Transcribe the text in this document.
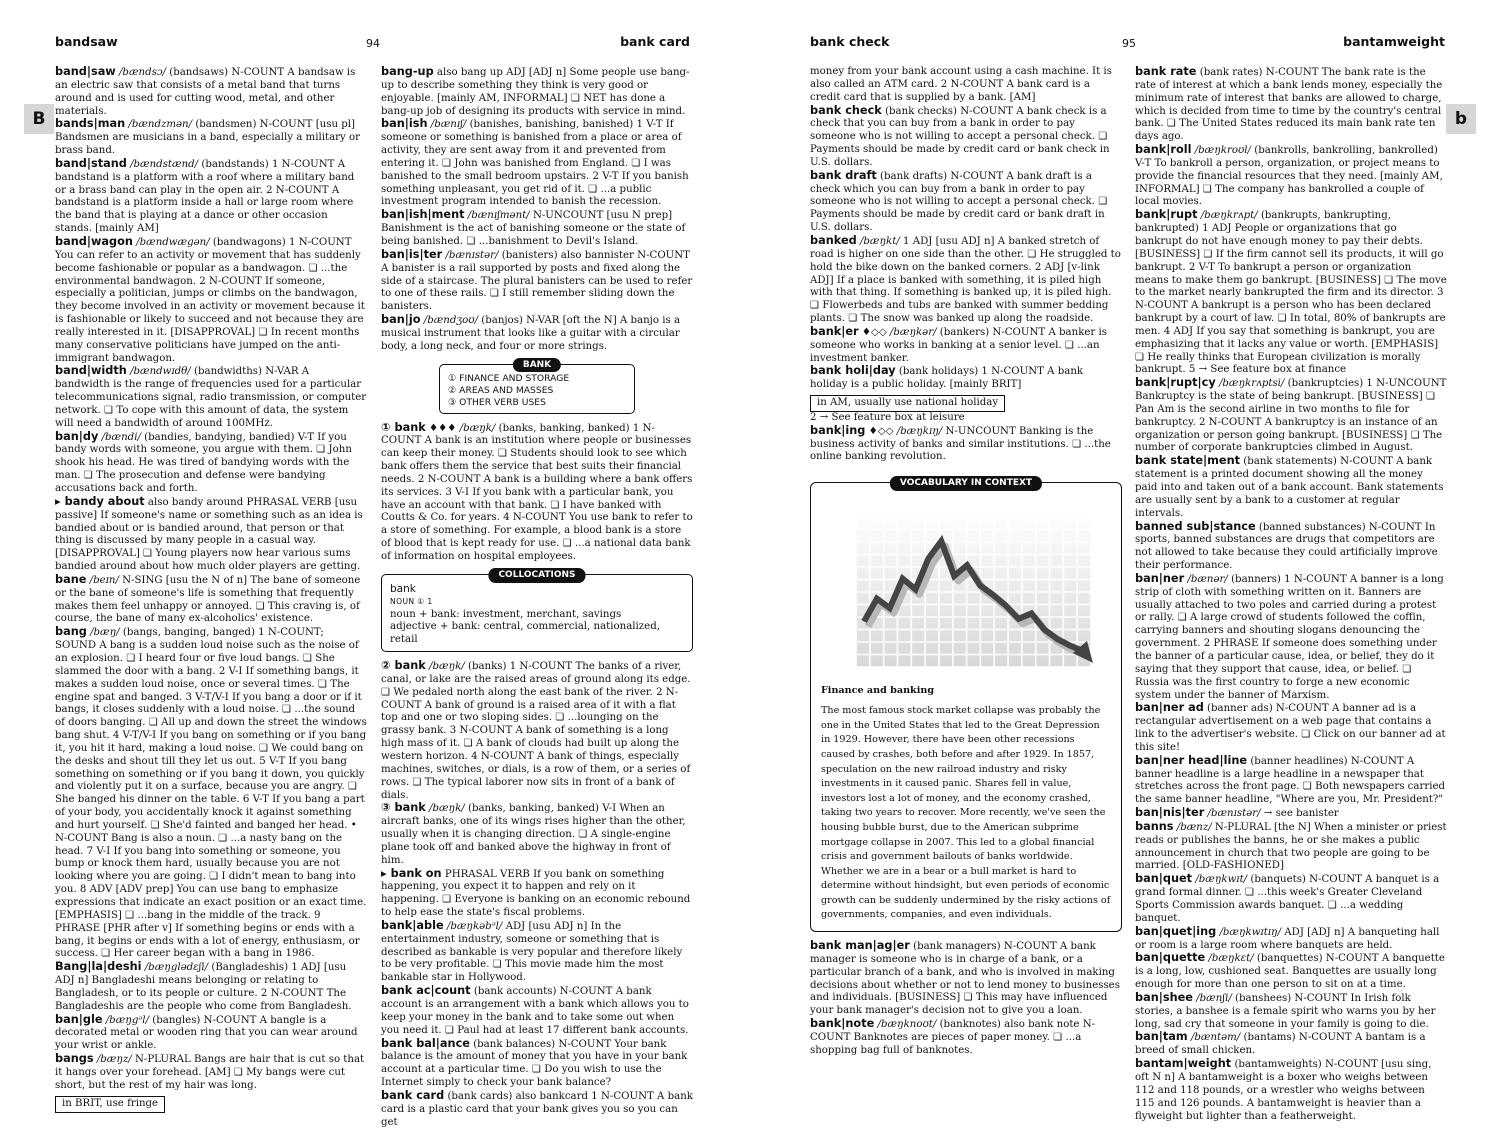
bandsaw	94	bank card
B

band|saw /bændsɔ/ (bandsaws) N-COUNT A bandsaw is an electric saw that consists of a metal band that turns around and is used for cutting wood, metal, and other materials.

bands|man /bændzmən/ (bandsmen) N-COUNT [usu pl] Bandsmen are musicians in a band, especially a military or brass band.

band|stand /bændstænd/ (bandstands) 1 N-COUNT A bandstand is a platform with a roof where a military band or a brass band can play in the open air. 2 N-COUNT A bandstand is a platform inside a hall or large room where the band that is playing at a dance or other occasion stands. [mainly AM]

band|wagon /bændwægən/ (bandwagons) 1 N-COUNT You can refer to an activity or movement that has suddenly become fashionable or popular as a bandwagon. ❏ ...the environmental bandwagon. 2 N-COUNT If someone, especially a politician, jumps or climbs on the bandwagon, they become involved in an activity or movement because it is fashionable or likely to succeed and not because they are really interested in it. [DISAPPROVAL] ❏ In recent months many conservative politicians have jumped on the anti-immigrant bandwagon.

band|width /bændwɪdθ/ (bandwidths) N-VAR A bandwidth is the range of frequencies used for a particular telecommunications signal, radio transmission, or computer network. ❏ To cope with this amount of data, the system will need a bandwidth of around 100MHz.

ban|dy /bændi/ (bandies, bandying, bandied) V-T If you bandy words with someone, you argue with them. ❏ John shook his head. He was tired of bandying words with the man. ❏ The prosecution and defense were bandying accusations back and forth.

▸ bandy about also bandy around PHRASAL VERB [usu passive] If someone's name or something such as an idea is bandied about or is bandied around, that person or that thing is discussed by many people in a casual way. [DISAPPROVAL] ❏ Young players now hear various sums bandied around about how much older players are getting.

bane /beɪn/ N-SING [usu the N of n] The bane of someone or the bane of someone's life is something that frequently makes them feel unhappy or annoyed. ❏ This craving is, of course, the bane of many ex-alcoholics' existence.

bang /bæŋ/ (bangs, banging, banged) 1 N-COUNT; SOUND A bang is a sudden loud noise such as the noise of an explosion. ❏ I heard four or five loud bangs. ❏ She slammed the door with a bang. 2 V-I If something bangs, it makes a sudden loud noise, once or several times. ❏ The engine spat and banged. 3 V-T/V-I If you bang a door or if it bangs, it closes suddenly with a loud noise. ❏ ...the sound of doors banging. ❏ All up and down the street the windows bang shut. 4 V-T/V-I If you bang on something or if you bang it, you hit it hard, making a loud noise. ❏ We could bang on the desks and shout till they let us out. 5 V-T If you bang something on something or if you bang it down, you quickly and violently put it on a surface, because you are angry. ❏ She banged his dinner on the table. 6 V-T If you bang a part of your body, you accidentally knock it against something and hurt yourself. ❏ She'd fainted and banged her head. • N-COUNT Bang is also a noun. ❏ ...a nasty bang on the head. 7 V-I If you bang into something or someone, you bump or knock them hard, usually because you are not looking where you are going. ❏ I didn't mean to bang into you. 8 ADV [ADV prep] You can use bang to emphasize expressions that indicate an exact position or an exact time. [EMPHASIS] ❏ ...bang in the middle of the track. 9 PHRASE [PHR after v] If something begins or ends with a bang, it begins or ends with a lot of energy, enthusiasm, or success. ❏ Her career began with a bang in 1986.

Bang|la|deshi /bæŋglədɛʃi/ (Bangladeshis) 1 ADJ [usu ADJ n] Bangladeshi means belonging or relating to Bangladesh, or to its people or culture. 2 N-COUNT The Bangladeshis are the people who come from Bangladesh.

ban|gle /bæŋgᵊl/ (bangles) N-COUNT A bangle is a decorated metal or wooden ring that you can wear around your wrist or ankle.

bangs /bæŋz/ N-PLURAL Bangs are hair that is cut so that it hangs over your forehead. [AM] ❏ My bangs were cut short, but the rest of my hair was long.

in BRIT, use fringe

bang-up also bang up ADJ [ADJ n] Some people use bang-up to describe something they think is very good or enjoyable. [mainly AM, INFORMAL] ❏ NET has done a bang-up job of designing its products with service in mind.

ban|ish /bænɪʃ/ (banishes, banishing, banished) 1 V-T If someone or something is banished from a place or area of activity, they are sent away from it and prevented from entering it. ❏ John was banished from England. ❏ I was banished to the small bedroom upstairs. 2 V-T If you banish something unpleasant, you get rid of it. ❏ ...a public investment program intended to banish the recession.

ban|ish|ment /bænɪʃmənt/ N-UNCOUNT [usu N prep] Banishment is the act of banishing someone or the state of being banished. ❏ ...banishment to Devil's Island.

ban|is|ter /bænɪstər/ (banisters) also bannister N-COUNT A banister is a rail supported by posts and fixed along the side of a staircase. The plural banisters can be used to refer to one of these rails. ❏ I still remember sliding down the banisters.

ban|jo /bændʒoʊ/ (banjos) N-VAR [oft the N] A banjo is a musical instrument that looks like a guitar with a circular body, a long neck, and four or more strings.

BANK
① FINANCE AND STORAGE
② AREAS AND MASSES
③ OTHER VERB USES

① bank ♦♦♦ /bæŋk/ (banks, banking, banked) 1 N-COUNT A bank is an institution where people or businesses can keep their money. ❏ Students should look to see which bank offers them the service that best suits their financial needs. 2 N-COUNT A bank is a building where a bank offers its services. 3 V-I If you bank with a particular bank, you have an account with that bank. ❏ I have banked with Coutts & Co. for years. 4 N-COUNT You use bank to refer to a store of something. For example, a blood bank is a store of blood that is kept ready for use. ❏ ...a national data bank of information on hospital employees.

COLLOCATIONS
bank
NOUN ① 1
noun + bank: investment, merchant, savings
adjective + bank: central, commercial, nationalized, retail

② bank /bæŋk/ (banks) 1 N-COUNT The banks of a river, canal, or lake are the raised areas of ground along its edge. ❏ We pedaled north along the east bank of the river. 2 N-COUNT A bank of ground is a raised area of it with a flat top and one or two sloping sides. ❏ ...lounging on the grassy bank. 3 N-COUNT A bank of something is a long high mass of it. ❏ A bank of clouds had built up along the western horizon. 4 N-COUNT A bank of things, especially machines, switches, or dials, is a row of them, or a series of rows. ❏ The typical laborer now sits in front of a bank of dials.

③ bank /bæŋk/ (banks, banking, banked) V-I When an aircraft banks, one of its wings rises higher than the other, usually when it is changing direction. ❏ A single-engine plane took off and banked above the highway in front of him.

▸ bank on PHRASAL VERB If you bank on something happening, you expect it to happen and rely on it happening. ❏ Everyone is banking on an economic rebound to help ease the state's fiscal problems.

bank|able /bæŋkəbᵊl/ ADJ [usu ADJ n] In the entertainment industry, someone or something that is described as bankable is very popular and therefore likely to be very profitable. ❏ This movie made him the most bankable star in Hollywood.

bank ac|count (bank accounts) N-COUNT A bank account is an arrangement with a bank which allows you to keep your money in the bank and to take some out when you need it. ❏ Paul had at least 17 different bank accounts.

bank bal|ance (bank balances) N-COUNT Your bank balance is the amount of money that you have in your bank account at a particular time. ❏ Do you wish to use the Internet simply to check your bank balance?

bank card (bank cards) also bankcard 1 N-COUNT A bank card is a plastic card that your bank gives you so you can get

bank check	95	bantamweight
b

money from your bank account using a cash machine. It is also called an ATM card. 2 N-COUNT A bank card is a credit card that is supplied by a bank. [AM]

bank check (bank checks) N-COUNT A bank check is a check that you can buy from a bank in order to pay someone who is not willing to accept a personal check. ❏ Payments should be made by credit card or bank check in U.S. dollars.

bank draft (bank drafts) N-COUNT A bank draft is a check which you can buy from a bank in order to pay someone who is not willing to accept a personal check. ❏ Payments should be made by credit card or bank draft in U.S. dollars.

banked /bæŋkt/ 1 ADJ [usu ADJ n] A banked stretch of road is higher on one side than the other. ❏ He struggled to hold the bike down on the banked corners. 2 ADJ [v-link ADJ] If a place is banked with something, it is piled high with that thing. If something is banked up, it is piled high. ❏ Flowerbeds and tubs are banked with summer bedding plants. ❏ The snow was banked up along the roadside.

bank|er ♦◇◇ /bæŋkər/ (bankers) N-COUNT A banker is someone who works in banking at a senior level. ❏ ...an investment banker.

bank holi|day (bank holidays) 1 N-COUNT A bank holiday is a public holiday. [mainly BRIT]

in AM, usually use national holiday

2 → See feature box at leisure

bank|ing ♦◇◇ /bæŋkɪŋ/ N-UNCOUNT Banking is the business activity of banks and similar institutions. ❏ ...the online banking revolution.

VOCABULARY IN CONTEXT
Finance and banking
The most famous stock market collapse was probably the one in the United States that led to the Great Depression in 1929. However, there have been other recessions caused by crashes, both before and after 1929. In 1857, speculation on the new railroad industry and risky investments in it caused panic. Shares fell in value, investors lost a lot of money, and the economy crashed, taking two years to recover. More recently, we've seen the housing bubble burst, due to the American subprime mortgage collapse in 2007. This led to a global financial crisis and government bailouts of banks worldwide. Whether we are in a bear or a bull market is hard to determine without hindsight, but even periods of economic growth can be suddenly undermined by the risky actions of governments, companies, and even individuals.

bank man|ag|er (bank managers) N-COUNT A bank manager is someone who is in charge of a bank, or a particular branch of a bank, and who is involved in making decisions about whether or not to lend money to businesses and individuals. [BUSINESS] ❏ This may have influenced your bank manager's decision not to give you a loan.

bank|note /bæŋknoʊt/ (banknotes) also bank note N-COUNT Banknotes are pieces of paper money. ❏ ...a shopping bag full of banknotes.

bank rate (bank rates) N-COUNT The bank rate is the rate of interest at which a bank lends money, especially the minimum rate of interest that banks are allowed to charge, which is decided from time to time by the country's central bank. ❏ The United States reduced its main bank rate ten days ago.

bank|roll /bæŋkroʊl/ (bankrolls, bankrolling, bankrolled) V-T To bankroll a person, organization, or project means to provide the financial resources that they need. [mainly AM, INFORMAL] ❏ The company has bankrolled a couple of local movies.

bank|rupt /bæŋkrʌpt/ (bankrupts, bankrupting, bankrupted) 1 ADJ People or organizations that go bankrupt do not have enough money to pay their debts. [BUSINESS] ❏ If the firm cannot sell its products, it will go bankrupt. 2 V-T To bankrupt a person or organization means to make them go bankrupt. [BUSINESS] ❏ The move to the market nearly bankrupted the firm and its director. 3 N-COUNT A bankrupt is a person who has been declared bankrupt by a court of law. ❏ In total, 80% of bankrupts are men. 4 ADJ If you say that something is bankrupt, you are emphasizing that it lacks any value or worth. [EMPHASIS] ❏ He really thinks that European civilization is morally bankrupt. 5 → See feature box at finance

bank|rupt|cy /bæŋkrʌptsi/ (bankruptcies) 1 N-UNCOUNT Bankruptcy is the state of being bankrupt. [BUSINESS] ❏ Pan Am is the second airline in two months to file for bankruptcy. 2 N-COUNT A bankruptcy is an instance of an organization or person going bankrupt. [BUSINESS] ❏ The number of corporate bankruptcies climbed in August.

bank state|ment (bank statements) N-COUNT A bank statement is a printed document showing all the money paid into and taken out of a bank account. Bank statements are usually sent by a bank to a customer at regular intervals.

banned sub|stance (banned substances) N-COUNT In sports, banned substances are drugs that competitors are not allowed to take because they could artificially improve their performance.

ban|ner /bænər/ (banners) 1 N-COUNT A banner is a long strip of cloth with something written on it. Banners are usually attached to two poles and carried during a protest or rally. ❏ A large crowd of students followed the coffin, carrying banners and shouting slogans denouncing the government. 2 PHRASE If someone does something under the banner of a particular cause, idea, or belief, they do it saying that they support that cause, idea, or belief. ❏ Russia was the first country to forge a new economic system under the banner of Marxism.

ban|ner ad (banner ads) N-COUNT A banner ad is a rectangular advertisement on a web page that contains a link to the advertiser's website. ❏ Click on our banner ad at this site!

ban|ner head|line (banner headlines) N-COUNT A banner headline is a large headline in a newspaper that stretches across the front page. ❏ Both newspapers carried the same banner headline, "Where are you, Mr. President?"

ban|nis|ter /bænɪstər/ → see banister

banns /bænz/ N-PLURAL [the N] When a minister or priest reads or publishes the banns, he or she makes a public announcement in church that two people are going to be married. [OLD-FASHIONED]

ban|quet /bæŋkwɪt/ (banquets) N-COUNT A banquet is a grand formal dinner. ❏ ...this week's Greater Cleveland Sports Commission awards banquet. ❏ ...a wedding banquet.

ban|quet|ing /bæŋkwɪtɪŋ/ ADJ [ADJ n] A banqueting hall or room is a large room where banquets are held.

ban|quette /bæŋkɛt/ (banquettes) N-COUNT A banquette is a long, low, cushioned seat. Banquettes are usually long enough for more than one person to sit on at a time.

ban|shee /bænʃi/ (banshees) N-COUNT In Irish folk stories, a banshee is a female spirit who warns you by her long, sad cry that someone in your family is going to die.

ban|tam /bæntəm/ (bantams) N-COUNT A bantam is a breed of small chicken.

bantam|weight (bantamweights) N-COUNT [usu sing, oft N n] A bantamweight is a boxer who weighs between 112 and 118 pounds, or a wrestler who weighs between 115 and 126 pounds. A bantamweight is heavier than a flyweight but lighter than a featherweight.
